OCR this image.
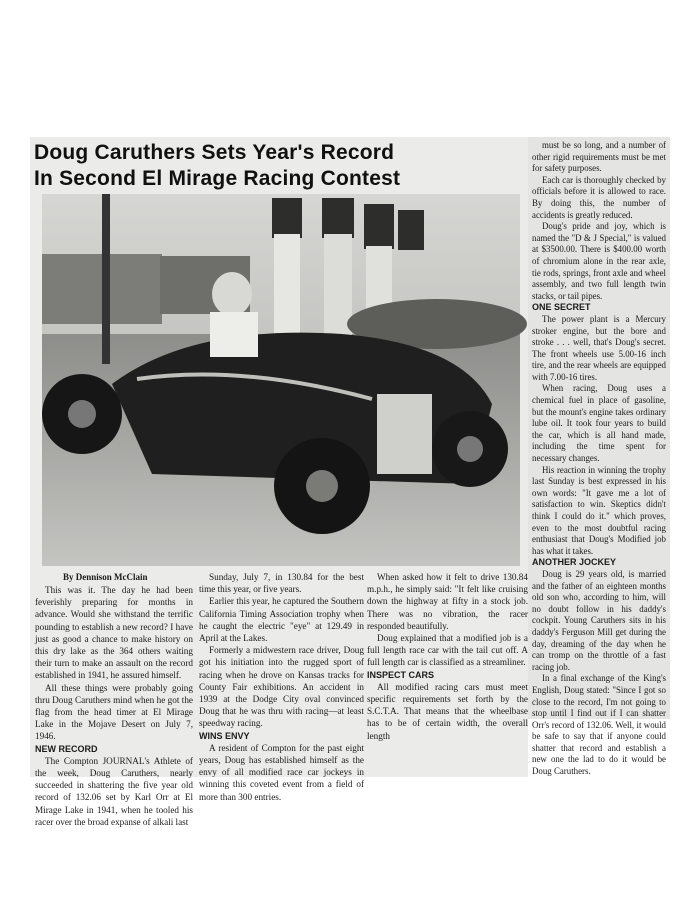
Doug Caruthers Sets Year's Record
In Second El Mirage Racing Contest
By Dennison McClain

This was it. The day he had been feverishly preparing for months in advance. Would she withstand the terrific pounding to establish a new record? I have just as good a chance to make history on this dry lake as the 364 others waiting their turn to make an assault on the record established in 1941, he assured himself.

All these things were probably going thru Doug Caruthers mind when he got the flag from the head timer at El Mirage Lake in the Mojave Desert on July 7, 1946.

NEW RECORD

The Compton JOURNAL's Athlete of the week, Doug Caruthers, nearly succeeded in shattering the five year old record of 132.06 set by Karl Orr at El Mirage Lake in 1941, when he tooled his racer over the broad expanse of alkali last

Sunday, July 7, in 130.84 for the best time this year, or five years.

Earlier this year, he captured the Southern California Timing Association trophy when he caught the electric "eye" at 129.49 in April at the Lakes.

Formerly a midwestern race driver, Doug got his initiation into the rugged sport of racing when he drove on Kansas tracks for County Fair exhibitions. An accident in 1939 at the Dodge City oval convinced Doug that he was thru with racing—at least speedway racing.

WINS ENVY

A resident of Compton for the past eight years, Doug has established himself as the envy of all modified race car jockeys in winning this coveted event from a field of more than 300 entries.

When asked how it felt to drive 130.84 m.p.h., he simply said: "It felt like cruising down the highway at fifty in a stock job. There was no vibration, the racer responded beautifully.

Doug explained that a modified job is a full length race car with the tail cut off. A full length car is classified as a streamliner.

INSPECT CARS

All modified racing cars must meet specific requirements set forth by the S.C.T.A. That means that the wheelbase has to be of certain width, the overall length

must be so long, and a number of other rigid requirements must be met for safety purposes.

Each car is thoroughly checked by officials before it is allowed to race. By doing this, the number of accidents is greatly reduced.

Doug's pride and joy, which is named the "D & J Special," is valued at $3500.00. There is $400.00 worth of chromium alone in the rear axle, tie rods, springs, front axle and wheel assembly, and two full length twin stacks, or tail pipes.

ONE SECRET

The power plant is a Mercury stroker engine, but the bore and stroke . . . well, that's Doug's secret. The front wheels use 5.00-16 inch tire, and the rear wheels are equipped with 7.00-16 tires.

When racing, Doug uses a chemical fuel in place of gasoline, but the mount's engine takes ordinary lube oil. It took four years to build the car, which is all hand made, including the time spent for necessary changes.

His reaction in winning the trophy last Sunday is best expressed in his own words: "It gave me a lot of satisfaction to win. Skeptics didn't think I could do it." which proves, even to the most doubtful racing enthusiast that Doug's Modified job has what it takes.

ANOTHER JOCKEY

Doug is 29 years old, is married and the father of an eighteen months old son who, according to him, will no doubt follow in his daddy's cockpit. Young Caruthers sits in his daddy's Ferguson Mill get during the day, dreaming of the day when he can tromp on the throttle of a fast racing job.

In a final exchange of the King's English, Doug stated: "Since I got so close to the record, I'm not going to stop until I find out if I can shatter Orr's record of 132.06. Well, it would be safe to say that if anyone could shatter that record and establish a new one the lad to do it would be Doug Caruthers.
